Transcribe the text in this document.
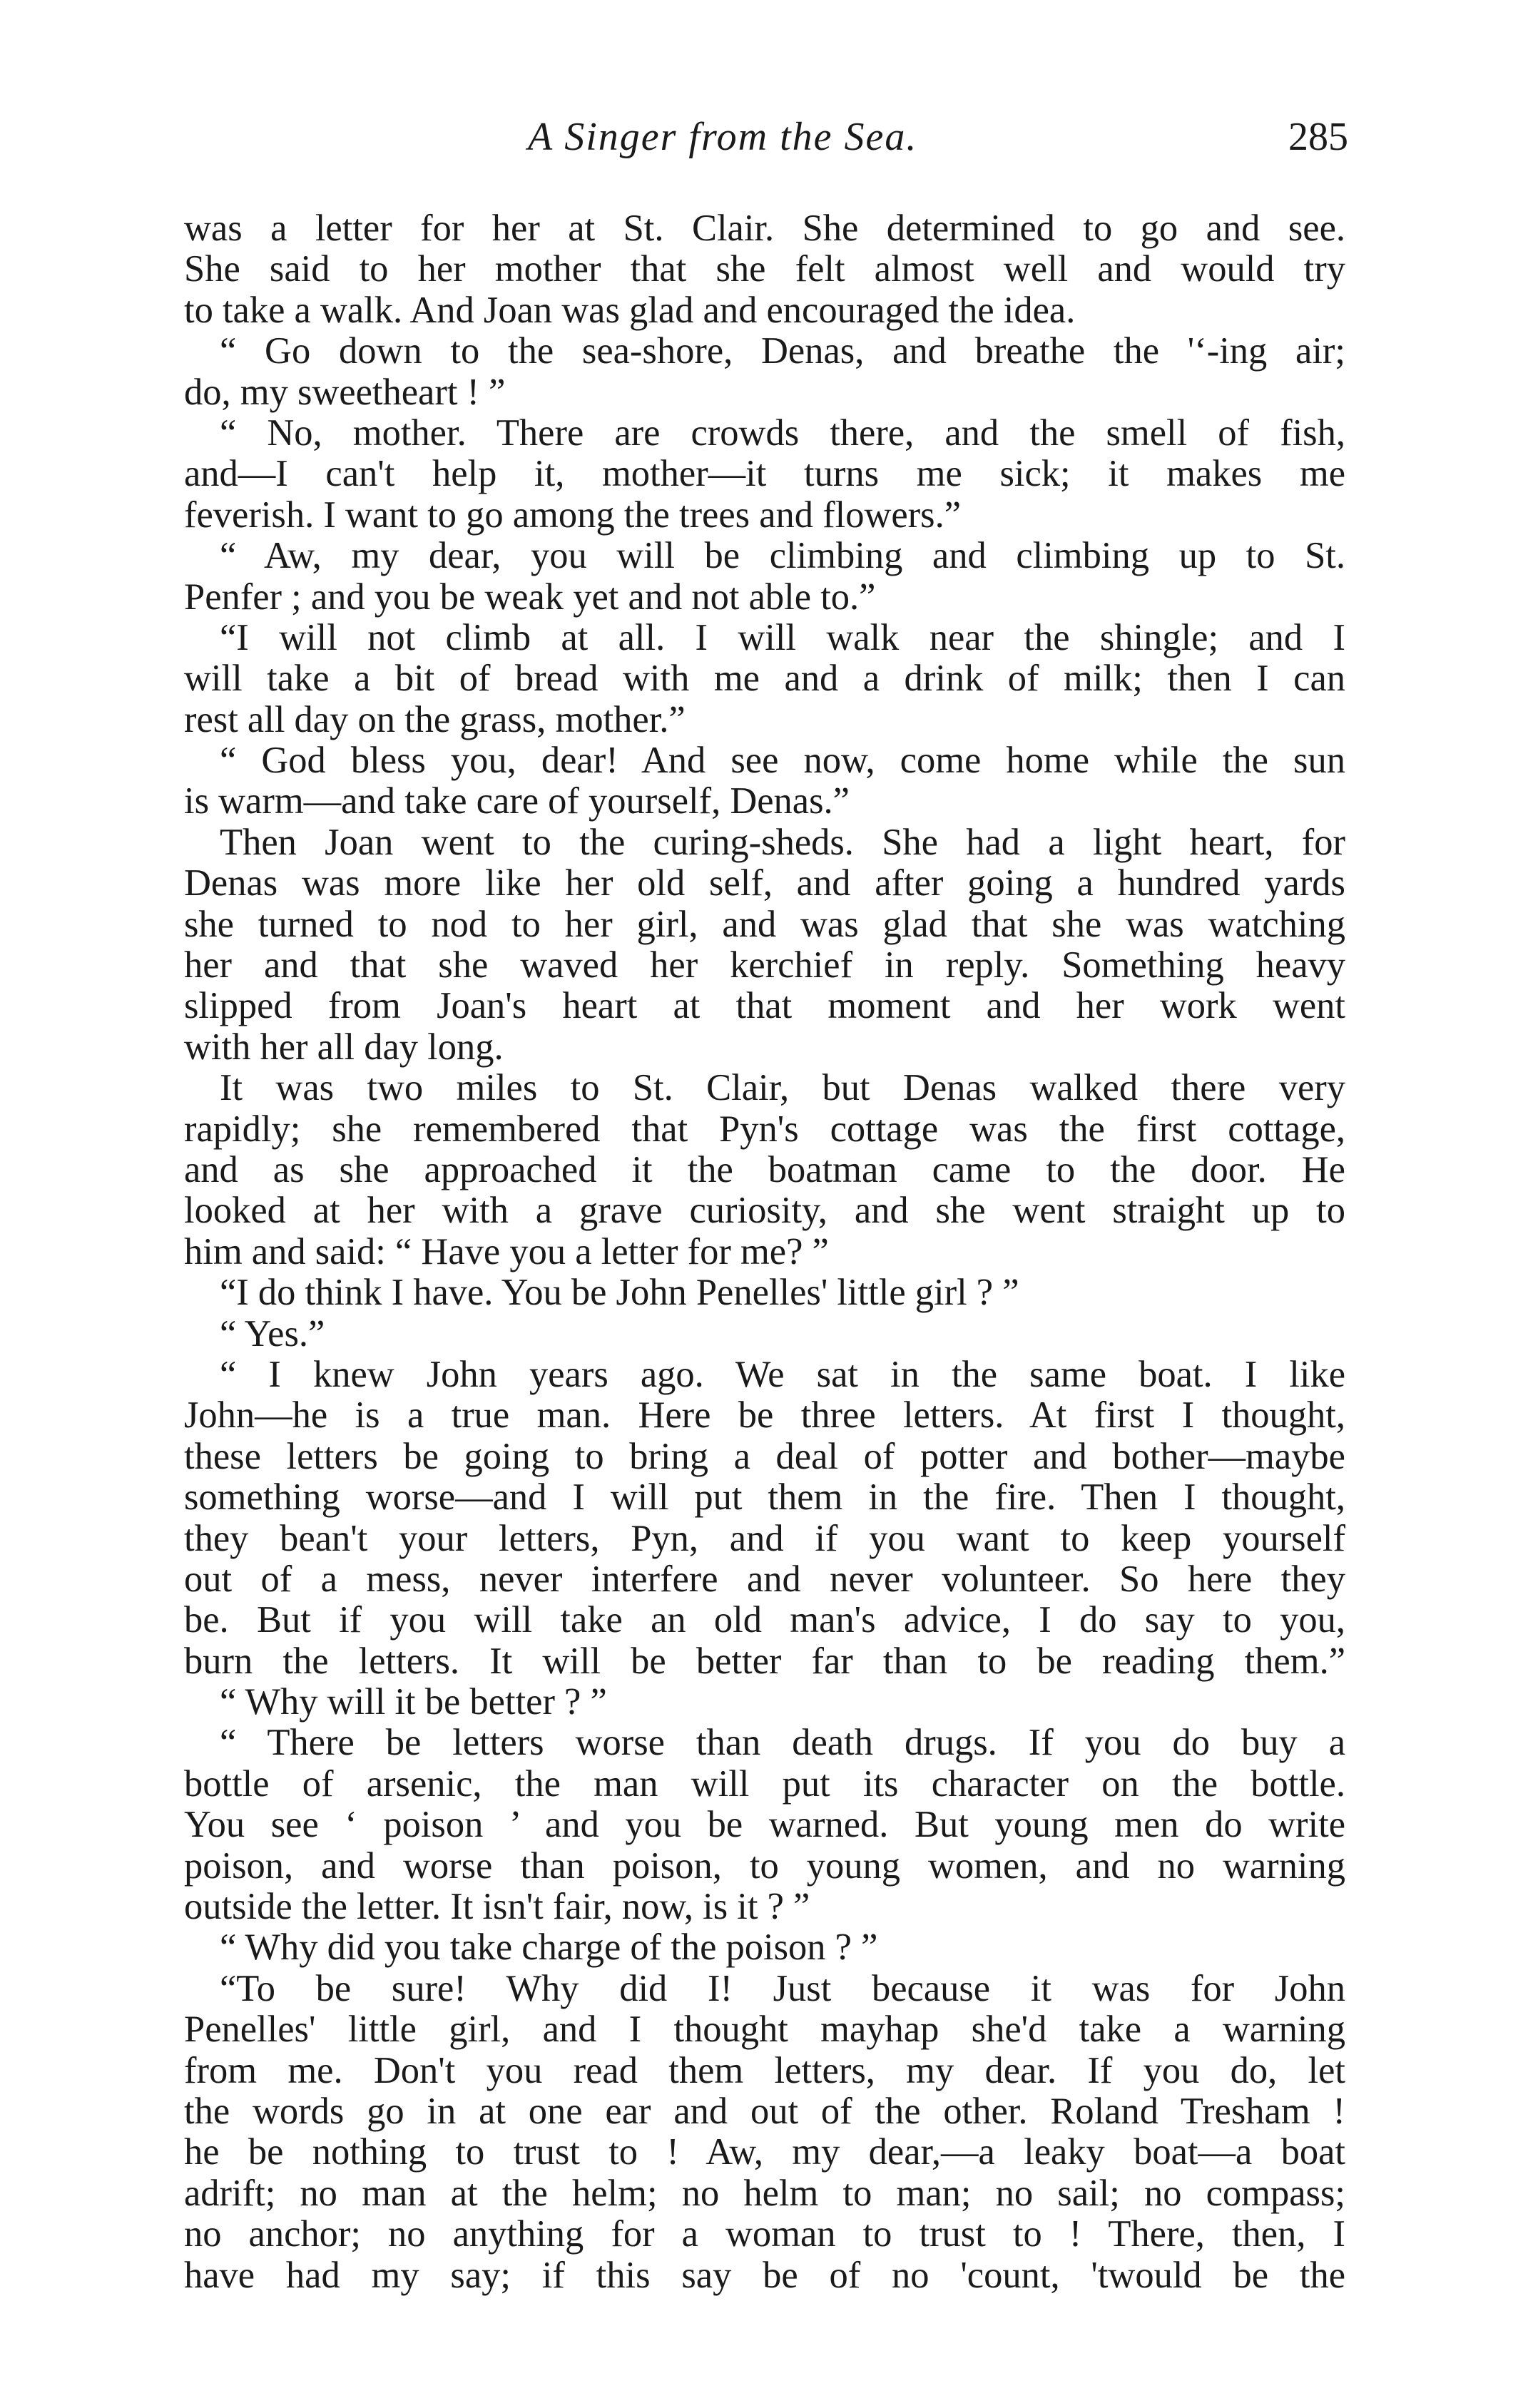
A Singer from the Sea.	285
was a letter for her at St. Clair. She determined to go and see.
She said to her mother that she felt almost well and would try
to take a walk. And Joan was glad and encouraged the idea.
“ Go down to the sea-shore, Denas, and breathe the '‘-ing air;
do, my sweetheart ! ”
“ No, mother. There are crowds there, and the smell of fish,
and—I can't help it, mother—it turns me sick; it makes me
feverish. I want to go among the trees and flowers.”
“ Aw, my dear, you will be climbing and climbing up to St.
Penfer ; and you be weak yet and not able to.”
“I will not climb at all. I will walk near the shingle; and I
will take a bit of bread with me and a drink of milk; then I can
rest all day on the grass, mother.”
“ God bless you, dear! And see now, come home while the sun
is warm—and take care of yourself, Denas.”
Then Joan went to the curing-sheds. She had a light heart, for
Denas was more like her old self, and after going a hundred yards
she turned to nod to her girl, and was glad that she was watching
her and that she waved her kerchief in reply. Something heavy
slipped from Joan's heart at that moment and her work went
with her all day long.
It was two miles to St. Clair, but Denas walked there very
rapidly; she remembered that Pyn's cottage was the first cottage,
and as she approached it the boatman came to the door. He
looked at her with a grave curiosity, and she went straight up to
him and said: “ Have you a letter for me? ”
“I do think I have. You be John Penelles' little girl ? ”
“ Yes.”
“ I knew John years ago. We sat in the same boat. I like
John—he is a true man. Here be three letters. At first I thought,
these letters be going to bring a deal of potter and bother—maybe
something worse—and I will put them in the fire. Then I thought,
they bean't your letters, Pyn, and if you want to keep yourself
out of a mess, never interfere and never volunteer. So here they
be. But if you will take an old man's advice, I do say to you,
burn the letters. It will be better far than to be reading them.”
“ Why will it be better ? ”
“ There be letters worse than death drugs. If you do buy a
bottle of arsenic, the man will put its character on the bottle.
You see ‘ poison ’ and you be warned. But young men do write
poison, and worse than poison, to young women, and no warning
outside the letter. It isn't fair, now, is it ? ”
“ Why did you take charge of the poison ? ”
“To be sure! Why did I! Just because it was for John
Penelles' little girl, and I thought mayhap she'd take a warning
from me. Don't you read them letters, my dear. If you do, let
the words go in at one ear and out of the other. Roland Tresham !
he be nothing to trust to ! Aw, my dear,—a leaky boat—a boat
adrift; no man at the helm; no helm to man; no sail; no compass;
no anchor; no anything for a woman to trust to ! There, then, I
have had my say; if this say be of no 'count, 'twould be the
